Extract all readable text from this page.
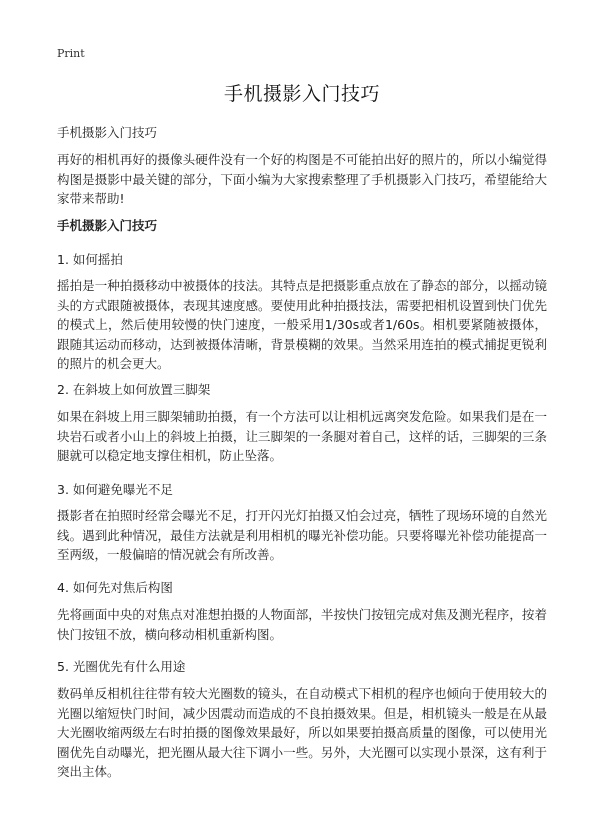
Print
手机摄影入门技巧

手机摄影入门技巧

再好的相机再好的摄像头硬件没有一个好的构图是不可能拍出好的照片的，所以小编觉得构图是摄影中最关键的部分，下面小编为大家搜索整理了手机摄影入门技巧，希望能给大家带来帮助!

手机摄影入门技巧

1. 如何摇拍

摇拍是一种拍摄移动中被摄体的技法。其特点是把摄影重点放在了静态的部分，以摇动镜头的方式跟随被摄体，表现其速度感。要使用此种拍摄技法，需要把相机设置到快门优先的模式上，然后使用较慢的快门速度，一般采用1/30s或者1/60s。相机要紧随被摄体，跟随其运动而移动，达到被摄体清晰，背景模糊的效果。当然采用连拍的模式捕捉更锐利的照片的机会更大。

2. 在斜坡上如何放置三脚架

如果在斜坡上用三脚架辅助拍摄，有一个方法可以让相机远离突发危险。如果我们是在一块岩石或者小山上的斜坡上拍摄，让三脚架的一条腿对着自己，这样的话，三脚架的三条腿就可以稳定地支撑住相机，防止坠落。

3. 如何避免曝光不足

摄影者在拍照时经常会曝光不足，打开闪光灯拍摄又怕会过亮，牺牲了现场环境的自然光线。遇到此种情况，最佳方法就是利用相机的曝光补偿功能。只要将曝光补偿功能提高一至两级，一般偏暗的情况就会有所改善。

4. 如何先对焦后构图

先将画面中央的对焦点对准想拍摄的人物面部，半按快门按钮完成对焦及测光程序，按着快门按钮不放，横向移动相机重新构图。

5. 光圈优先有什么用途

数码单反相机往往带有较大光圈数的镜头，在自动模式下相机的程序也倾向于使用较大的光圈以缩短快门时间，减少因震动而造成的不良拍摄效果。但是，相机镜头一般是在从最大光圈收缩两级左右时拍摄的图像效果最好，所以如果要拍摄高质量的图像，可以使用光圈优先自动曝光，把光圈从最大往下调小一些。另外，大光圈可以实现小景深，这有利于突出主体。
